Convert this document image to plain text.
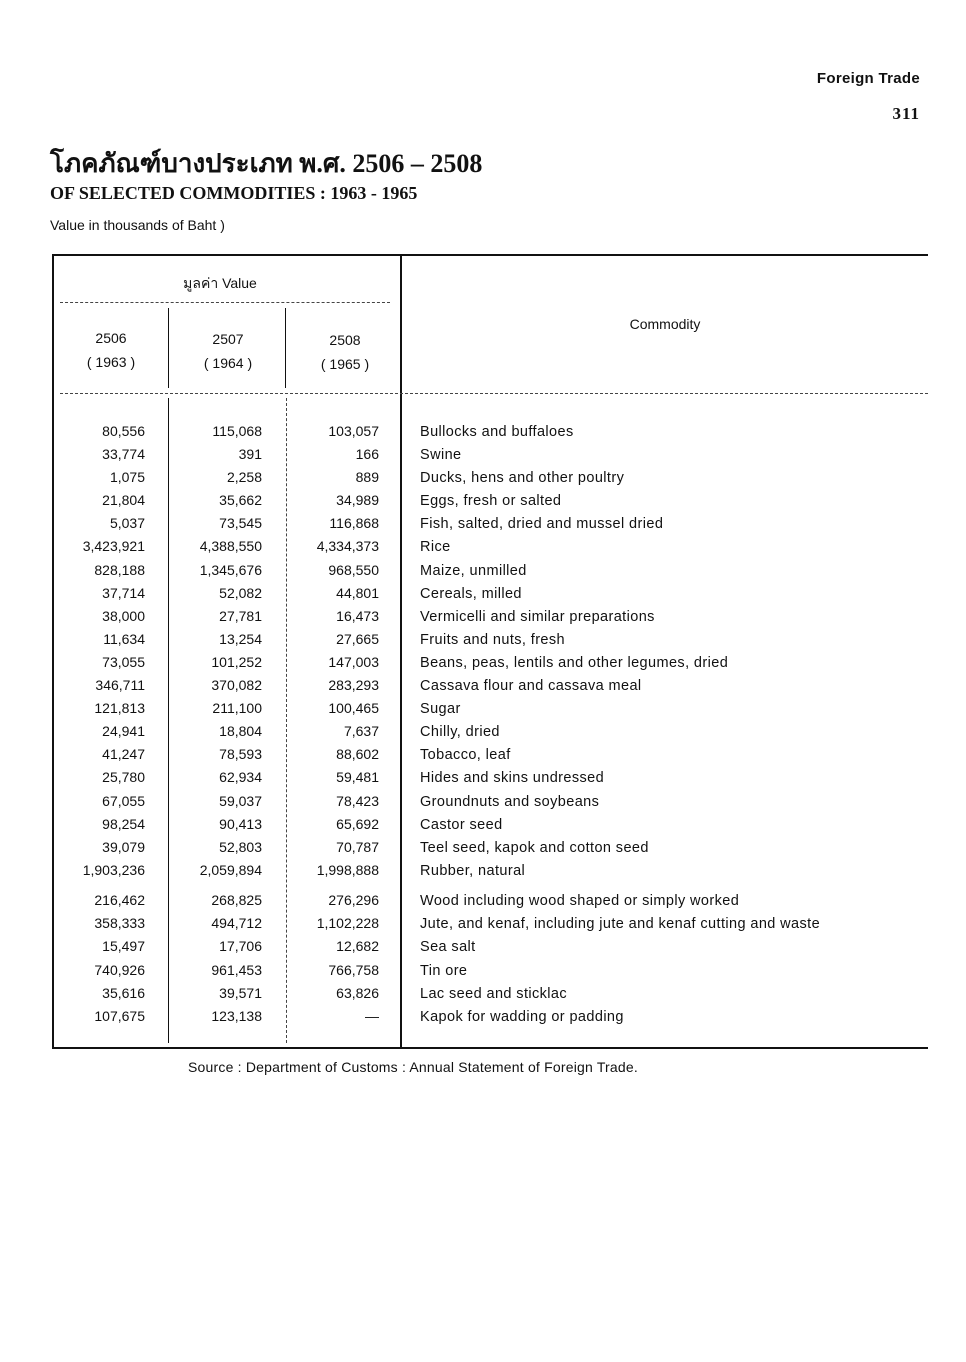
Foreign Trade
311
โภคภัณฑ์บางประเภท พ.ศ. 2506 – 2508
OF SELECTED COMMODITIES : 1963 - 1965
Value in thousands of Baht )
มูลค่า Value
Commodity
2506
( 1963 )
2507
( 1964 )
2508
( 1965 )
80,556	115,068	103,057	Bullocks and buffaloes
33,774	391	166	Swine
1,075	2,258	889	Ducks, hens and other poultry
21,804	35,662	34,989	Eggs, fresh or salted
5,037	73,545	116,868	Fish, salted, dried and mussel dried
3,423,921	4,388,550	4,334,373	Rice
828,188	1,345,676	968,550	Maize, unmilled
37,714	52,082	44,801	Cereals, milled
38,000	27,781	16,473	Vermicelli and similar preparations
11,634	13,254	27,665	Fruits and nuts, fresh
73,055	101,252	147,003	Beans, peas, lentils and other legumes, dried
346,711	370,082	283,293	Cassava flour and cassava meal
121,813	211,100	100,465	Sugar
24,941	18,804	7,637	Chilly, dried
41,247	78,593	88,602	Tobacco, leaf
25,780	62,934	59,481	Hides and skins undressed
67,055	59,037	78,423	Groundnuts and soybeans
98,254	90,413	65,692	Castor seed
39,079	52,803	70,787	Teel seed, kapok and cotton seed
1,903,236	2,059,894	1,998,888	Rubber, natural
216,462	268,825	276,296	Wood including wood shaped or simply worked
358,333	494,712	1,102,228	Jute, and kenaf, including jute and kenaf cutting and waste
15,497	17,706	12,682	Sea salt
740,926	961,453	766,758	Tin ore
35,616	39,571	63,826	Lac seed and sticklac
107,675	123,138	—	Kapok for wadding or padding
Source : Department of Customs : Annual Statement of Foreign Trade.
